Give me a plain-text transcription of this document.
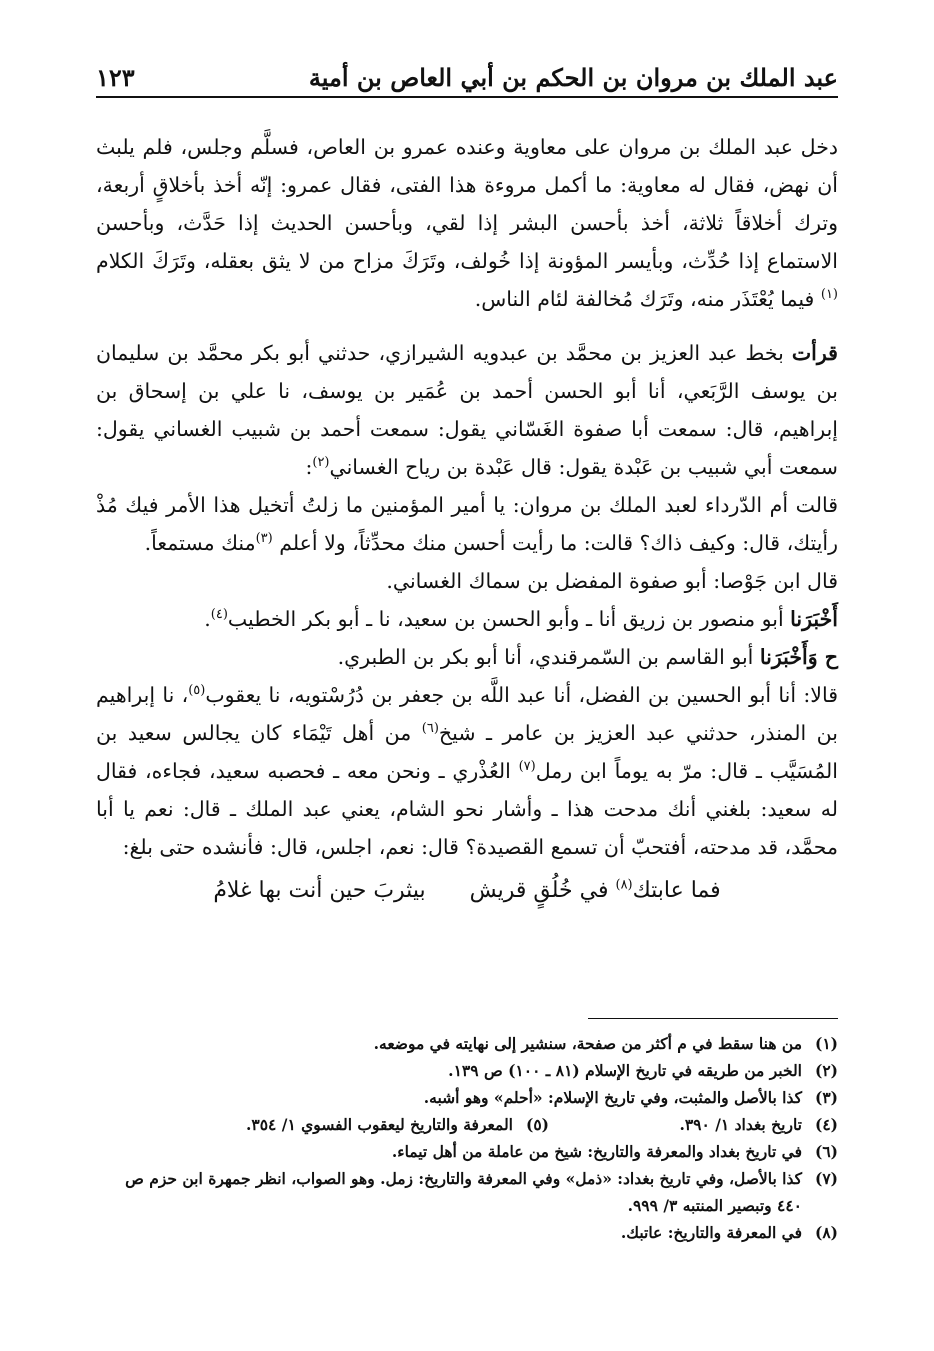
عبد الملك بن مروان بن الحكم بن أبي العاص بن أمية
١٢٣

دخل عبد الملك بن مروان على معاوية وعنده عمرو بن العاص، فسلَّم وجلس، فلم يلبث أن نهض، فقال له معاوية: ما أكمل مروءة هذا الفتى، فقال عمرو: إنّه أخذ بأخلاقٍ أربعة، وترك أخلاقاً ثلاثة، أخذ بأحسن البشر إذا لقي، وبأحسن الحديث إذا حَدَّث، وبأحسن الاستماع إذا حُدِّث، وبأيسر المؤونة إذا خُولف، وتَرَكَ مزاح من لا يثق بعقله، وتَرَكَ الكلام $^{(١)}$ فيما يُعْتَذَر منه، وتَرَك مُخالفة لئام الناس.

قرأت بخط عبد العزيز بن محمَّد بن عبدويه الشيرازي، حدثني أبو بكر محمَّد بن سليمان بن يوسف الرَّبَعي، أنا أبو الحسن أحمد بن عُمَير بن يوسف، نا علي بن إسحاق بن إبراهيم، قال: سمعت أبا صفوة الغَسّاني يقول: سمعت أحمد بن شبيب الغساني يقول: سمعت أبي شبيب بن عَبْدة يقول: قال عَبْدة بن رياح الغساني$^{(٢)}$:

قالت أم الدّرداء لعبد الملك بن مروان: يا أمير المؤمنين ما زلتُ أتخيل هذا الأمر فيك مُذْ رأيتك، قال: وكيف ذاك؟ قالت: ما رأيت أحسن منك محدِّثاً، ولا أعلم $^{(٣)}$منك مستمعاً.

قال ابن جَوْصا: أبو صفوة المفضل بن سماك الغساني.

أَخْبَرَنا أبو منصور بن زريق أنا ـ وأبو الحسن بن سعيد، نا ـ أبو بكر الخطيب$^{(٤)}$.

ح وَأَخْبَرَنا أبو القاسم بن السّمرقندي، أنا أبو بكر بن الطبري.

قالا: أنا أبو الحسين بن الفضل، أنا عبد اللَّه بن جعفر بن دُرُسْتويه، نا يعقوب$^{(٥)}$، نا إبراهيم بن المنذر، حدثني عبد العزيز بن عامر ـ شيخ$^{(٦)}$ من أهل تَيْمَاء كان يجالس سعيد بن المُسَيَّب ـ قال: مرّ به يوماً ابن رمل$^{(٧)}$ العُذْري ـ ونحن معه ـ فحصبه سعيد، فجاءه، فقال له سعيد: بلغني أنك مدحت هذا ـ وأشار نحو الشام، يعني عبد الملك ـ قال: نعم يا أبا محمَّد، قد مدحته، أفتحبّ أن تسمع القصيدة؟ قال: نعم، اجلس، قال: فأنشده حتى بلغ:

فما عابتك$^{(٨)}$ في خُلُقٍ قريش
بيثربَ حين أنت بها غلامُ
(١)
من هنا سقط في م أكثر من صفحة، سنشير إلى نهايته في موضعه.
(٢)
الخبر من طريقه في تاريخ الإسلام (٨١ ـ ١٠٠) ص ١٣٩.
(٣)
كذا بالأصل والمثبت، وفي تاريخ الإسلام: «أحلم» وهو أشبه.
(٤)
تاريخ بغداد ١/ ٣٩٠.
(٥)
المعرفة والتاريخ ليعقوب الفسوي ١/ ٣٥٤.
(٦)
في تاريخ بغداد والمعرفة والتاريخ: شيخ من عاملة من أهل تيماء.
(٧)
كذا بالأصل، وفي تاريخ بغداد: «ذمل» وفي المعرفة والتاريخ: زمل. وهو الصواب، انظر جمهرة ابن حزم ص ٤٤٠ وتبصير المنتبه ٣/ ٩٩٩.
(٨)
في المعرفة والتاريخ: عاتبك.
